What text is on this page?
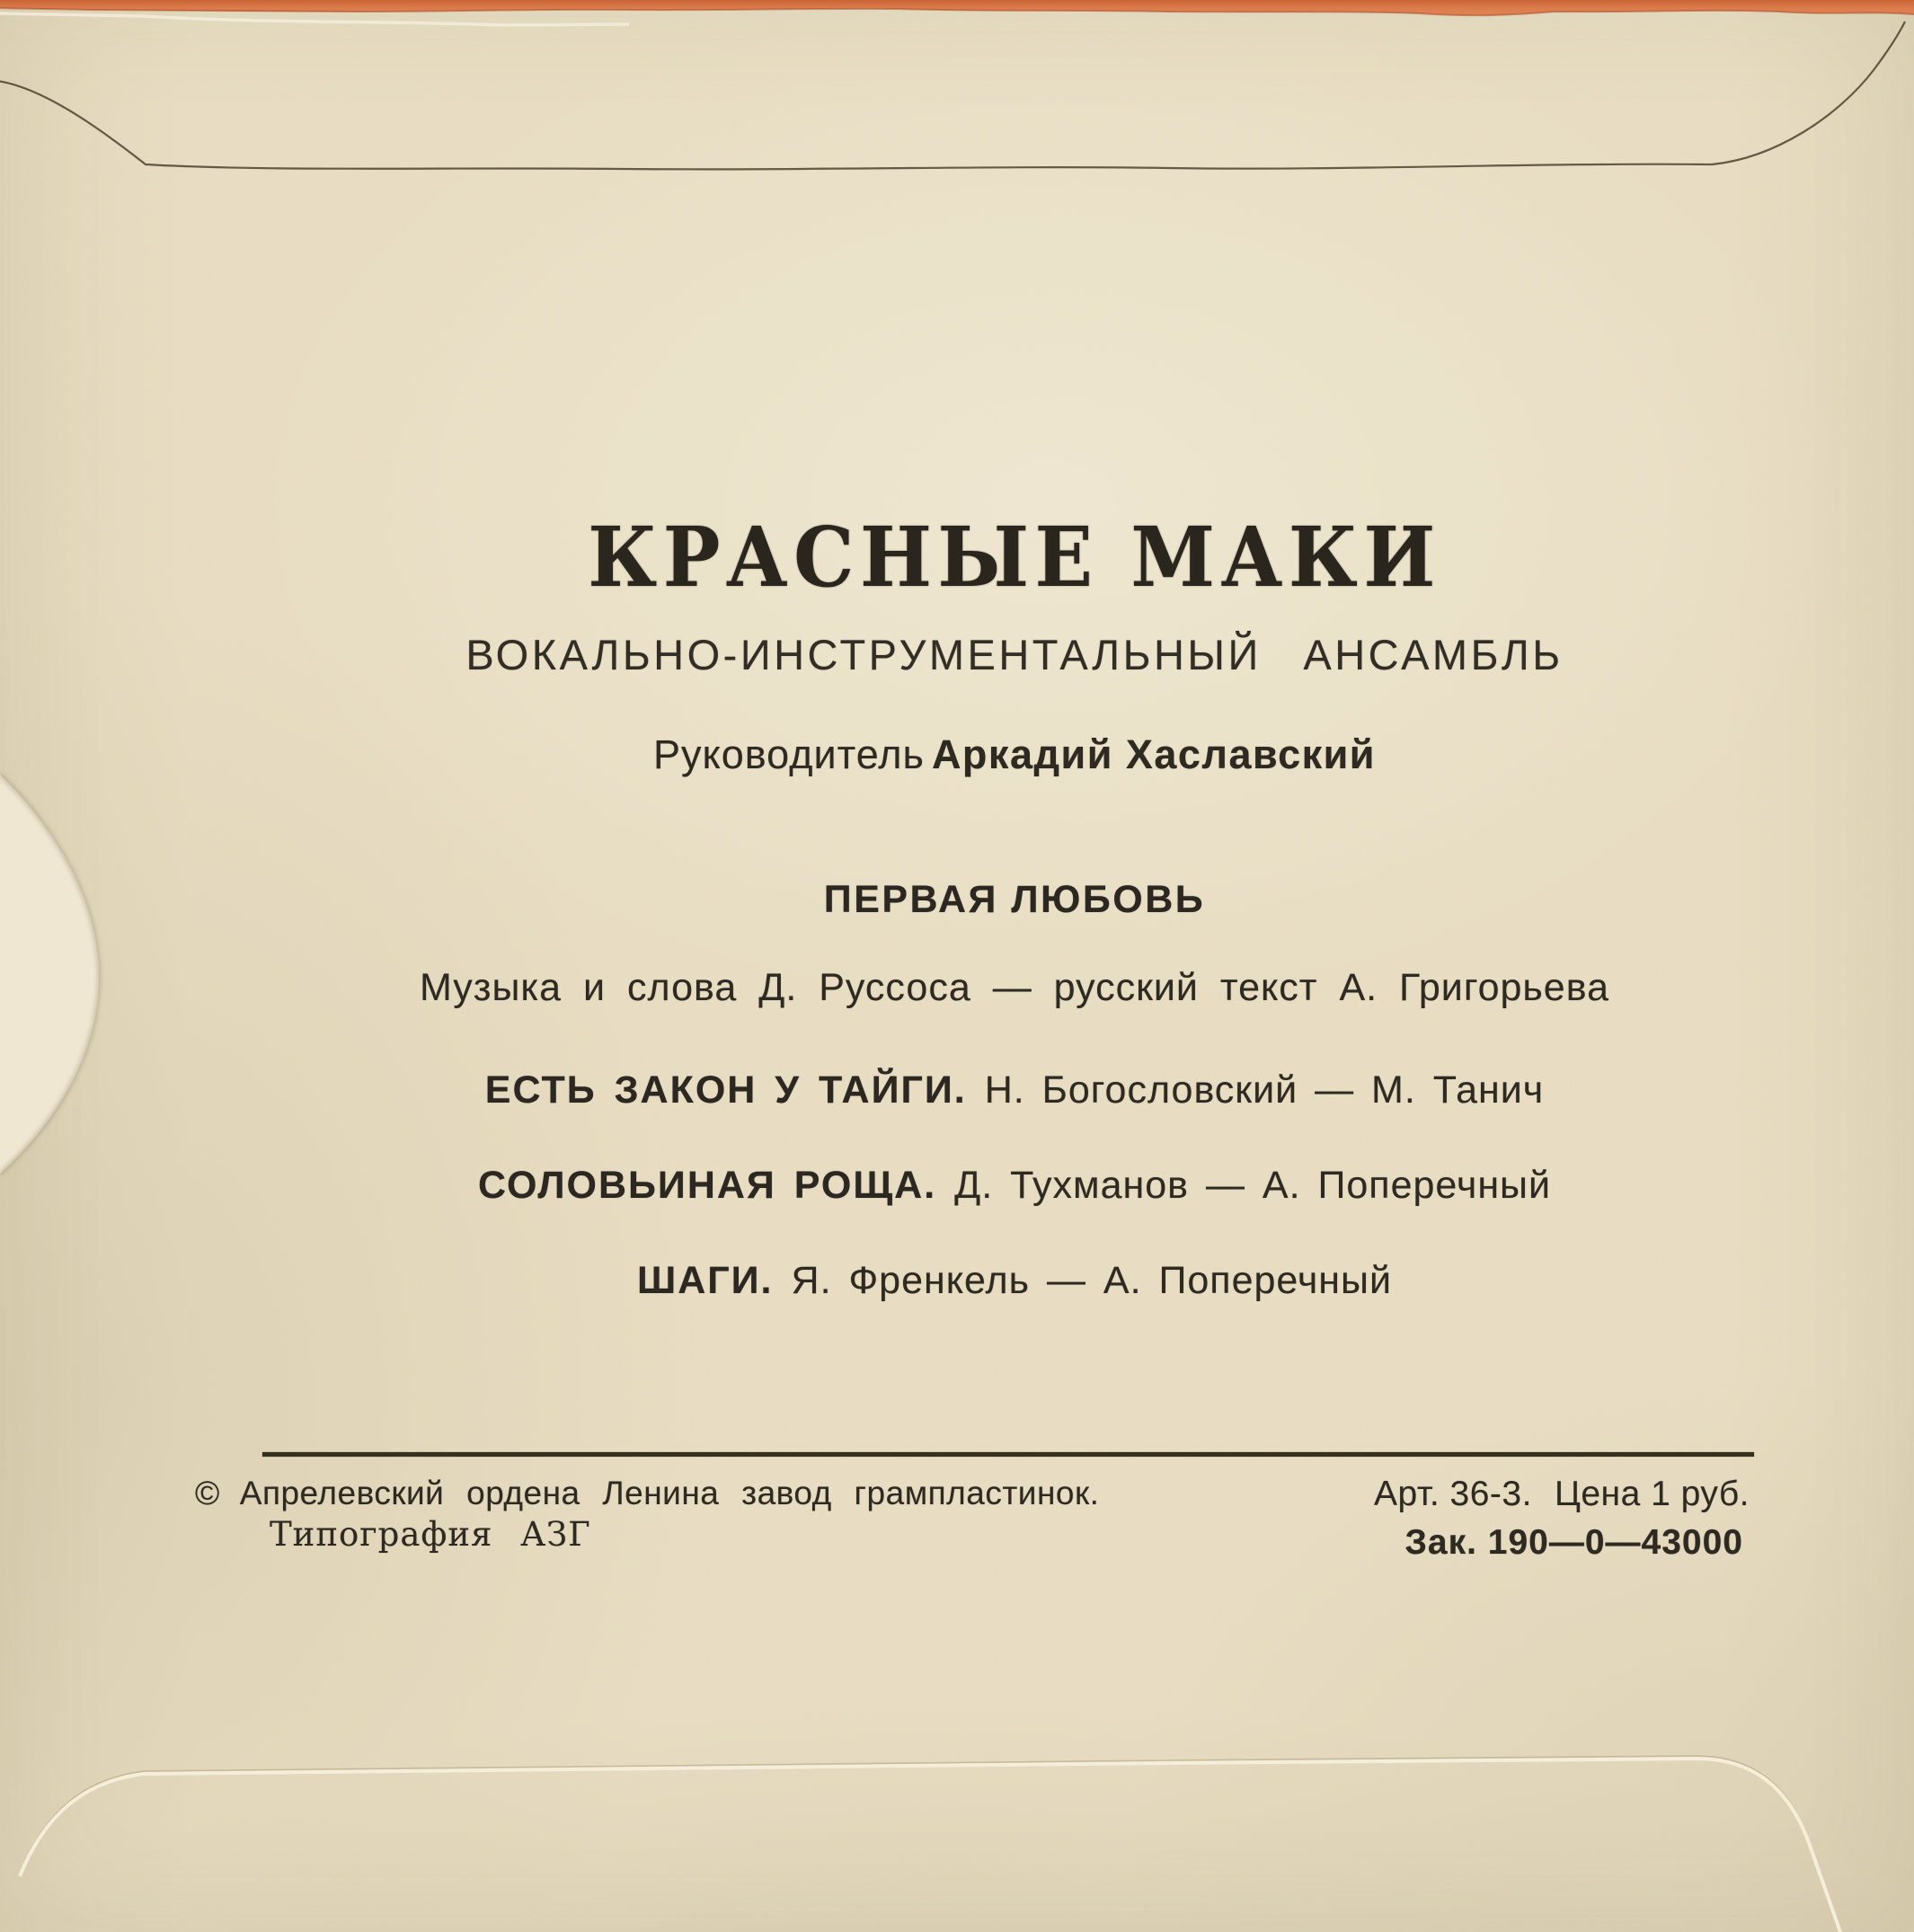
КРАСНЫЕ МАКИ
ВОКАЛЬНО-ИНСТРУМЕНТАЛЬНЫЙ АНСАМБЛЬ
Руководитель Аркадий Хаславский
ПЕРВАЯ ЛЮБОВЬ
Музыка и слова Д. Руссоса — русский текст А. Григорьева
ЕСТЬ ЗАКОН У ТАЙГИ. Н. Богословский — М. Танич
СОЛОВЬИНАЯ РОЩА. Д. Тухманов — А. Поперечный
ШАГИ. Я. Френкель — А. Поперечный
© Апрелевский ордена Ленина завод грампластинок.
Типография АЗГ
Арт. 36-3. Цена 1 руб.
Зак. 190—0—43000
